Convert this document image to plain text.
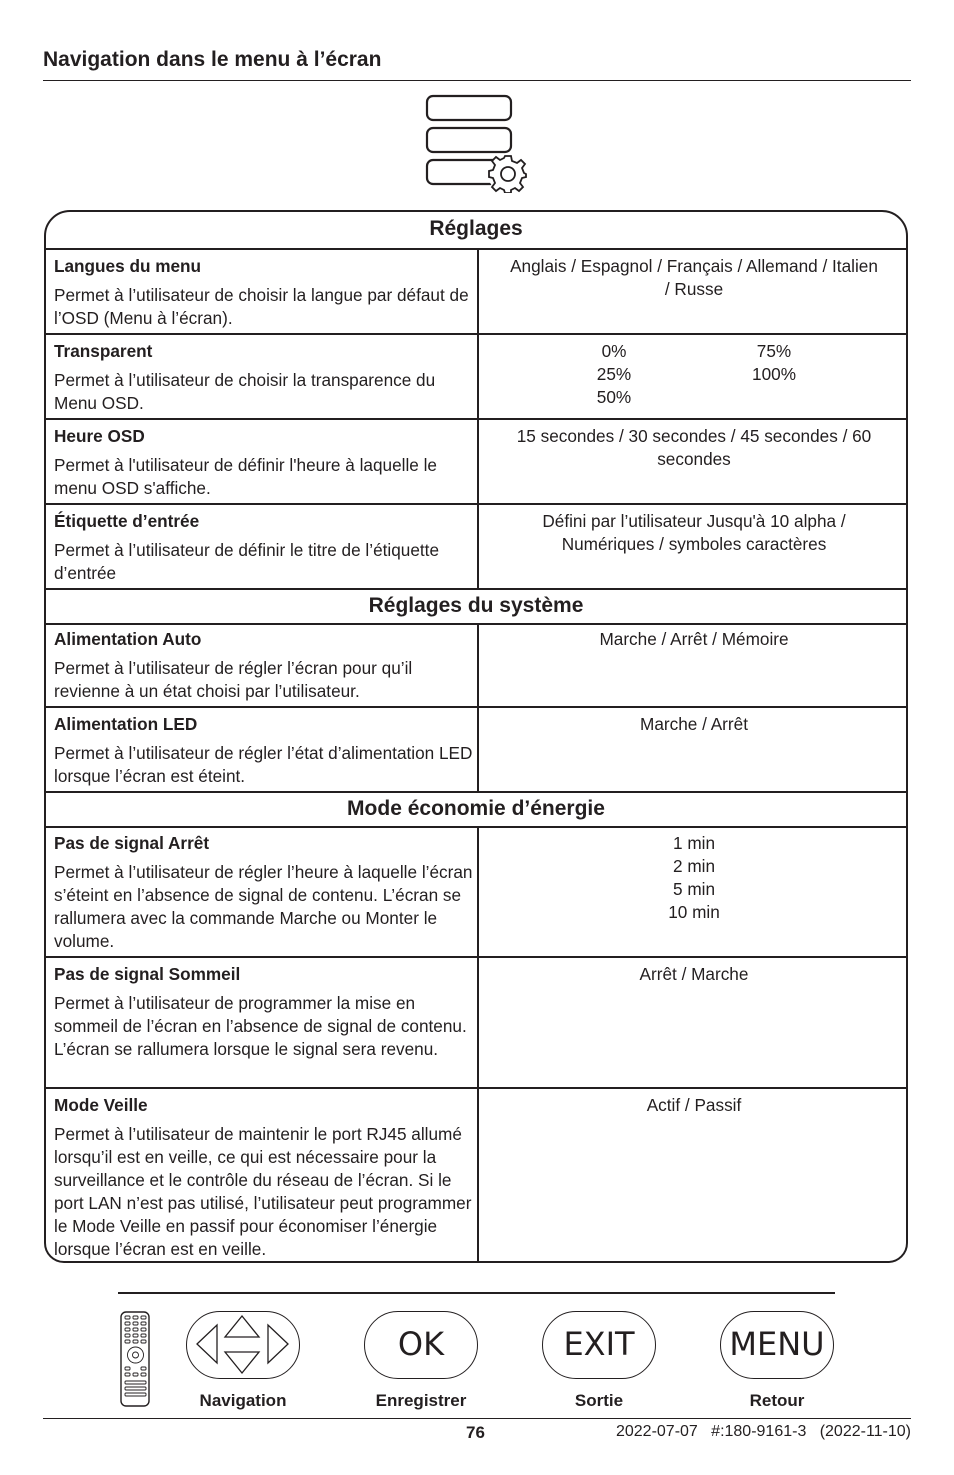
Navigation dans le menu à l’écran
Réglages
Langues du menu
Permet à l’utilisateur de choisir la langue par défaut de l’OSD (Menu à l’écran).
Anglais / Espagnol / Français / Allemand / Italien / Russe
Transparent
Permet à l’utilisateur de choisir la transparence du Menu OSD.
0%	75%
25%	100%
50%
Heure OSD
Permet à l'utilisateur de définir l'heure à laquelle le menu OSD s'affiche.
15 secondes / 30 secondes / 45 secondes / 60 secondes
Étiquette d’entrée
Permet à l’utilisateur de définir le titre de l’étiquette d’entrée
Défini par l’utilisateur Jusqu'à 10 alpha / Numériques / symboles caractères
Réglages du système
Alimentation Auto
Permet à l’utilisateur de régler l’écran pour qu’il revienne à un état choisi par l’utilisateur.
Marche / Arrêt / Mémoire
Alimentation LED
Permet à l’utilisateur de régler l’état d’alimentation LED lorsque l’écran est éteint.
Marche / Arrêt
Mode économie d’énergie
Pas de signal Arrêt
Permet à l’utilisateur de régler l’heure à laquelle l’écran s’éteint en l’absence de signal de contenu. L’écran se rallumera avec la commande Marche ou Monter le volume.
1 min
2 min
5 min
10 min
Pas de signal Sommeil
Permet à l’utilisateur de programmer la mise en sommeil de l’écran en l’absence de signal de contenu. L’écran se rallumera lorsque le signal sera revenu.
Arrêt / Marche
Mode Veille
Permet à l’utilisateur de maintenir le port RJ45 allumé lorsqu’il est en veille, ce qui est nécessaire pour la surveillance et le contrôle du réseau de l’écran. Si le port LAN n’est pas utilisé, l’utilisateur peut programmer le Mode Veille en passif pour économiser l’énergie lorsque l’écran est en veille.
Actif / Passif
OK	EXIT	MENU
Navigation	Enregistrer	Sortie	Retour
76	2022-07-07   #:180-9161-3   (2022-11-10)
